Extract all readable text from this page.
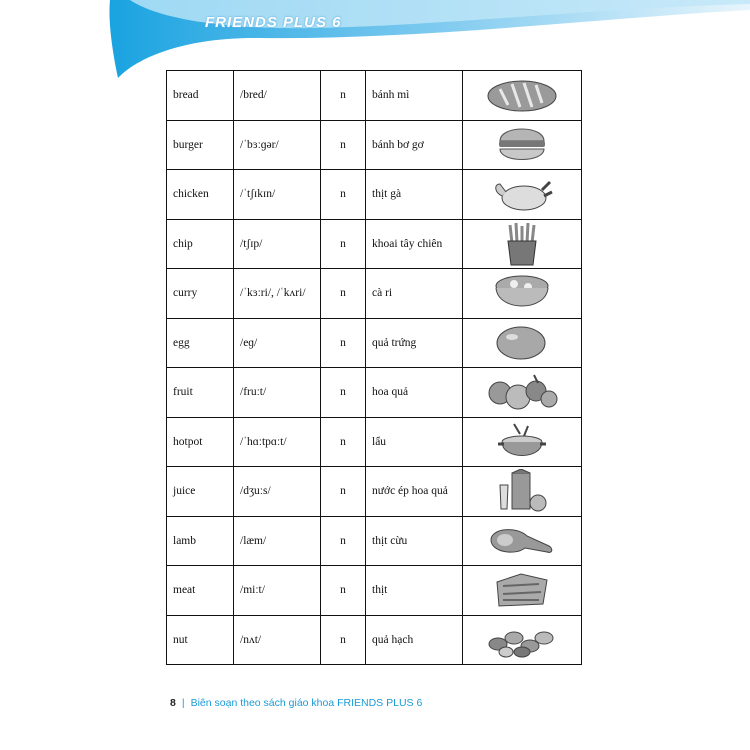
FRIENDS PLUS 6
bread	/bred/	n	bánh mì	

burger	/ˈbɜːɡər/	n	bánh bơ gơ	

chicken	/ˈtʃɪkɪn/	n	thịt gà	

chip	/tʃɪp/	n	khoai tây chiên	

curry	/ˈkɜːri/, /ˈkʌri/	n	cà ri	

egg	/eɡ/	n	quả trứng	

fruit	/fruːt/	n	hoa quả	

hotpot	/ˈhɑːtpɑːt/	n	lẩu	

juice	/dʒuːs/	n	nước ép hoa quả	

lamb	/læm/	n	thịt cừu	

meat	/miːt/	n	thịt	

nut	/nʌt/	n	quả hạch	
8 | Biên soạn theo sách giáo khoa FRIENDS PLUS 6
